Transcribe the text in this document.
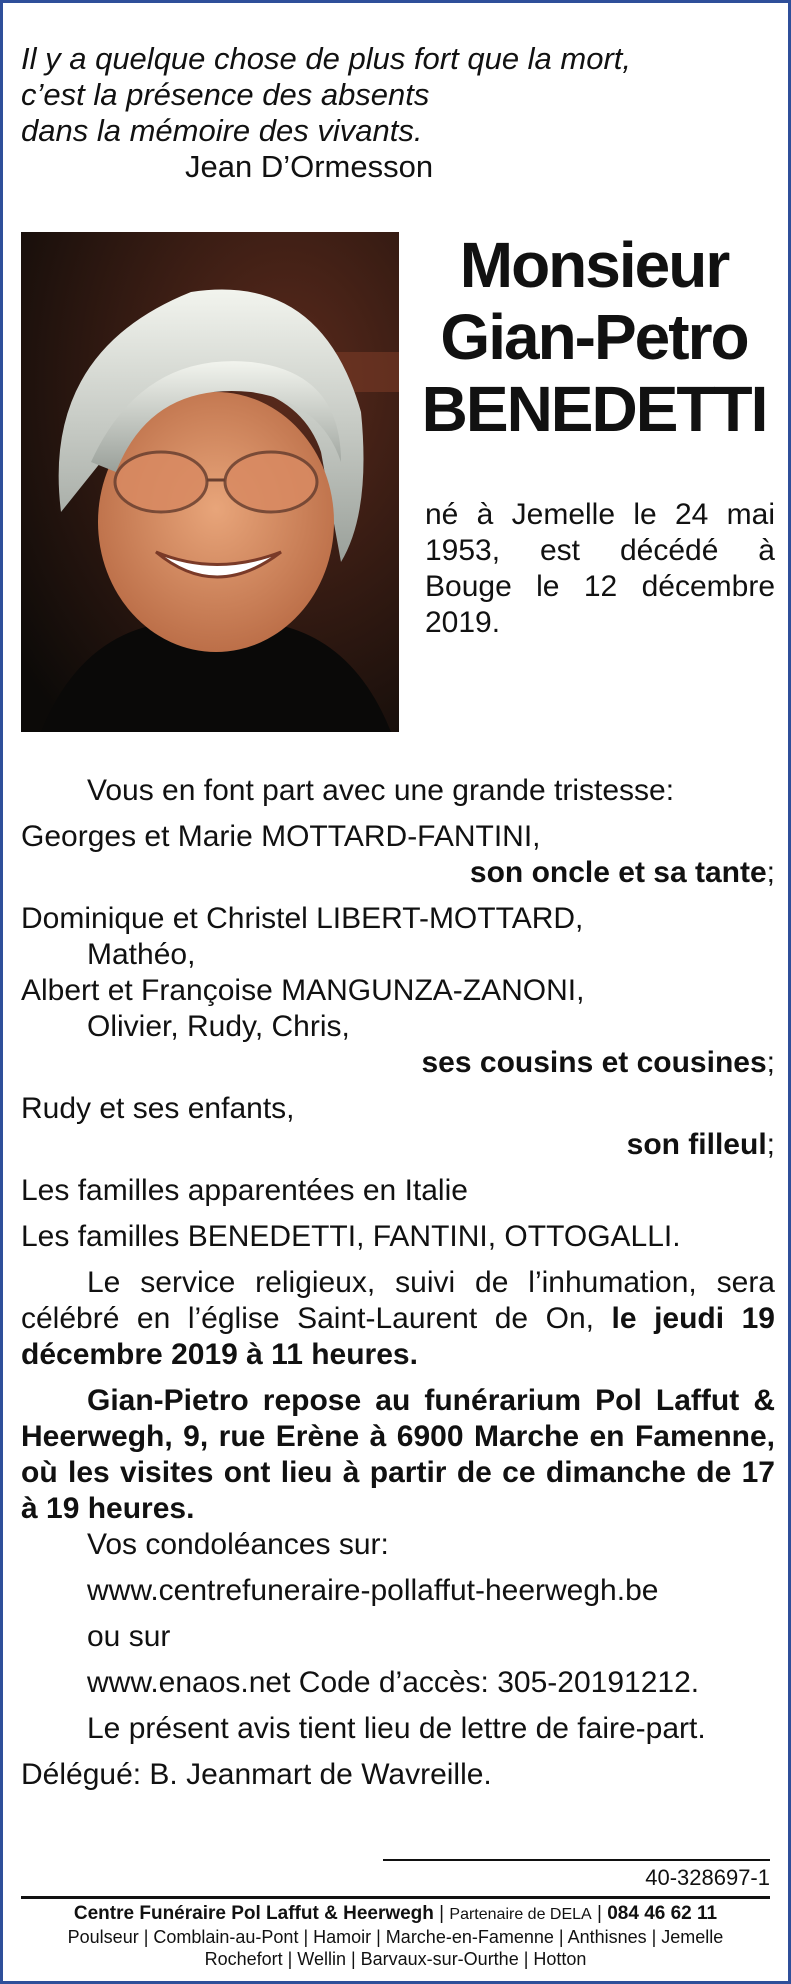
Il y a quelque chose de plus fort que la mort,
c’est la présence des absents
dans la mémoire des vivants.
Jean D’Ormesson
Monsieur
Gian-Petro
BENEDETTI
né à Jemelle le 24 mai 1953, est décédé à Bouge le 12 décembre 2019.

Vous en font part avec une grande tristesse:

Georges et Marie MOTTARD-FANTINI,

son oncle et sa tante;

Dominique et Christel LIBERT-MOTTARD,

Mathéo,

Albert et Françoise MANGUNZA-ZANONI,

Olivier, Rudy, Chris,

ses cousins et cousines;

Rudy et ses enfants,

son filleul;

Les familles apparentées en Italie

Les familles BENEDETTI, FANTINI, OTTOGALLI.

Le service religieux, suivi de l’inhumation, sera célébré en l’église Saint-Laurent de On, le jeudi 19 décembre 2019 à 11 heures.

Gian-Pietro repose au funérarium Pol Laffut & Heerwegh, 9, rue Erène à 6900 Marche en Famenne, où les visites ont lieu à partir de ce dimanche de 17 à 19 heures.

Vos condoléances sur:

www.centrefuneraire-pollaffut-heerwegh.be

ou sur

www.enaos.net Code d’accès: 305-20191212.

Le présent avis tient lieu de lettre de faire-part.

Délégué: B. Jeanmart de Wavreille.

40-328697-1
Centre Funéraire Pol Laffut & Heerwegh | Partenaire de DELA | 084 46 62 11
Poulseur | Comblain-au-Pont | Hamoir | Marche-en-Famenne | Anthisnes | Jemelle
Rochefort | Wellin | Barvaux-sur-Ourthe | Hotton
